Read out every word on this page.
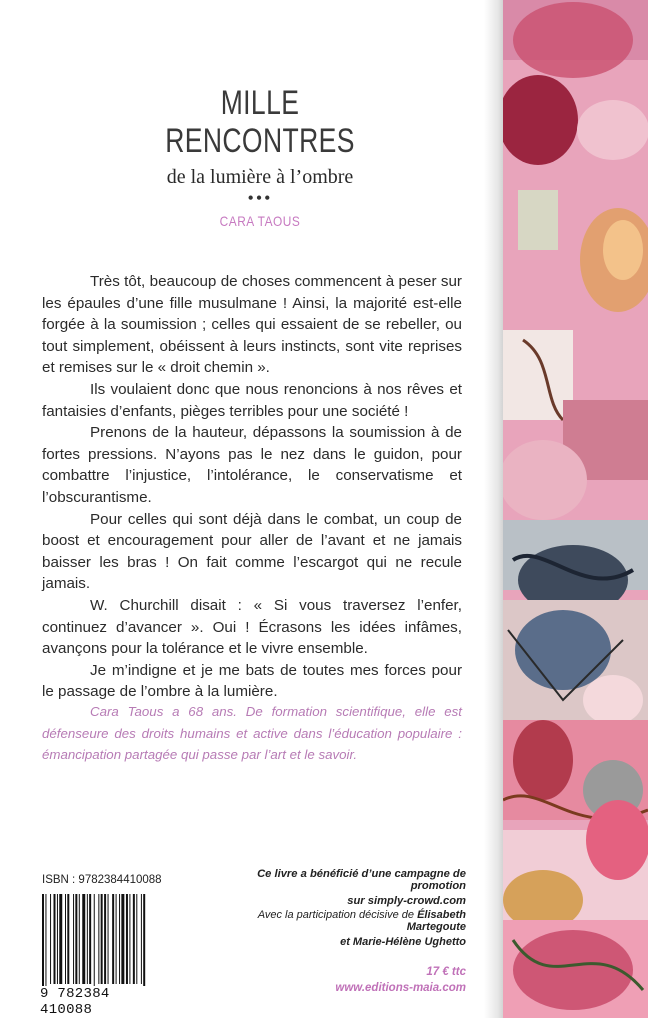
MILLE
RENCONTRES
de la lumière à l’ombre
•••
CARA TAOUS

Très tôt, beaucoup de choses commencent à peser sur les épaules d’une fille musulmane ! Ainsi, la majorité est-elle forgée à la soumission ; celles qui essaient de se rebeller, ou tout simplement, obéissent à leurs instincts, sont vite reprises et remises sur le « droit chemin ».

Ils voulaient donc que nous renoncions à nos rêves et fantaisies d’enfants, pièges terribles pour une société !

Prenons de la hauteur, dépassons la soumission à de fortes pressions. N’ayons pas le nez dans le guidon, pour combattre l’injustice, l’intolérance, le conservatisme et l’obscurantisme.

Pour celles qui sont déjà dans le combat, un coup de boost et encouragement pour aller de l’avant et ne jamais baisser les bras ! On fait comme l’escargot qui ne recule jamais.

W. Churchill disait : « Si vous traversez l’enfer, continuez d’avancer ». Oui ! Écrasons les idées infâmes, avançons pour la tolérance et le vivre ensemble.

Je m’indigne et je me bats de toutes mes forces pour le passage de l’ombre à la lumière.

Cara Taous a 68 ans. De formation scientifique, elle est défenseure des droits humains et active dans l’éducation populaire : émancipation partagée qui passe par l’art et le savoir.
ISBN : 9782384410088
9 782384 410088
Ce livre a bénéficié d’une campagne de promotion
sur simply-crowd.com
Avec la participation décisive de Élisabeth Martegoute
et Marie-Hélène Ughetto
17 € ttc
www.editions-maia.com
